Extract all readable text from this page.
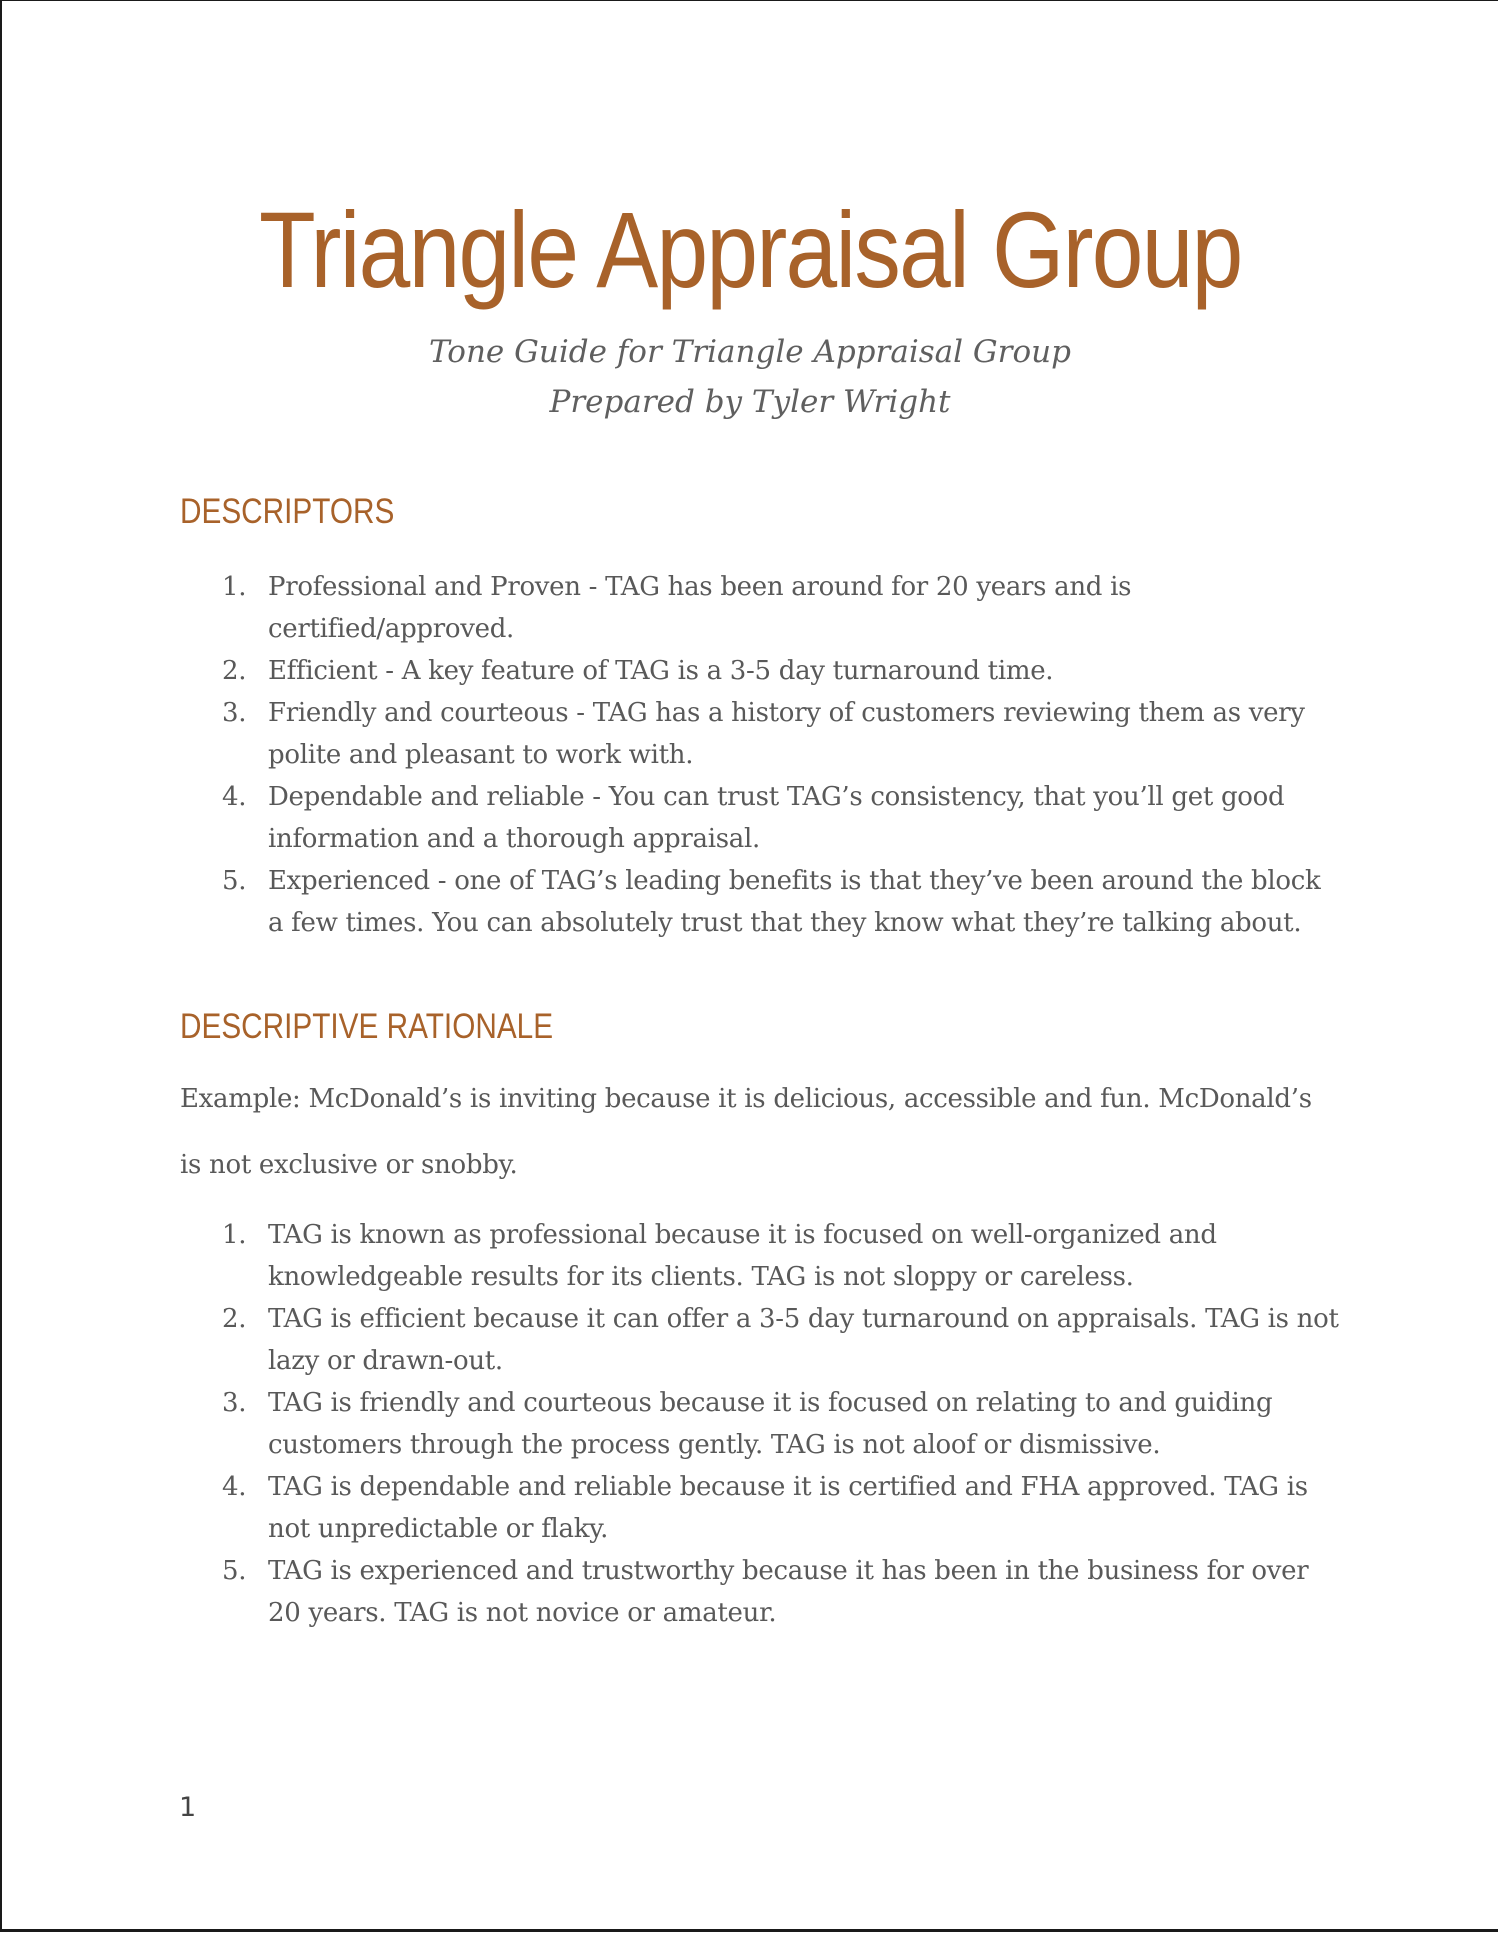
Triangle Appraisal Group

Tone Guide for Triangle Appraisal Group

Prepared by Tyler Wright

DESCRIPTORS
1. Professional and Proven - TAG has been around for 20 years and is certified/approved.
2. Efficient - A key feature of TAG is a 3-5 day turnaround time.
3. Friendly and courteous - TAG has a history of customers reviewing them as very polite and pleasant to work with.
4. Dependable and reliable - You can trust TAG’s consistency, that you’ll get good information and a thorough appraisal.
5. Experienced - one of TAG’s leading benefits is that they’ve been around the block a few times. You can absolutely trust that they know what they’re talking about.
DESCRIPTIVE RATIONALE

Example: McDonald’s is inviting because it is delicious, accessible and fun. McDonald’s

is not exclusive or snobby.

1. TAG is known as professional because it is focused on well-organized and knowledgeable results for its clients. TAG is not sloppy or careless.
2. TAG is efficient because it can offer a 3-5 day turnaround on appraisals. TAG is not lazy or drawn-out.
3. TAG is friendly and courteous because it is focused on relating to and guiding customers through the process gently. TAG is not aloof or dismissive.
4. TAG is dependable and reliable because it is certified and FHA approved. TAG is not unpredictable or flaky.
5. TAG is experienced and trustworthy because it has been in the business for over 20 years. TAG is not novice or amateur.

1
